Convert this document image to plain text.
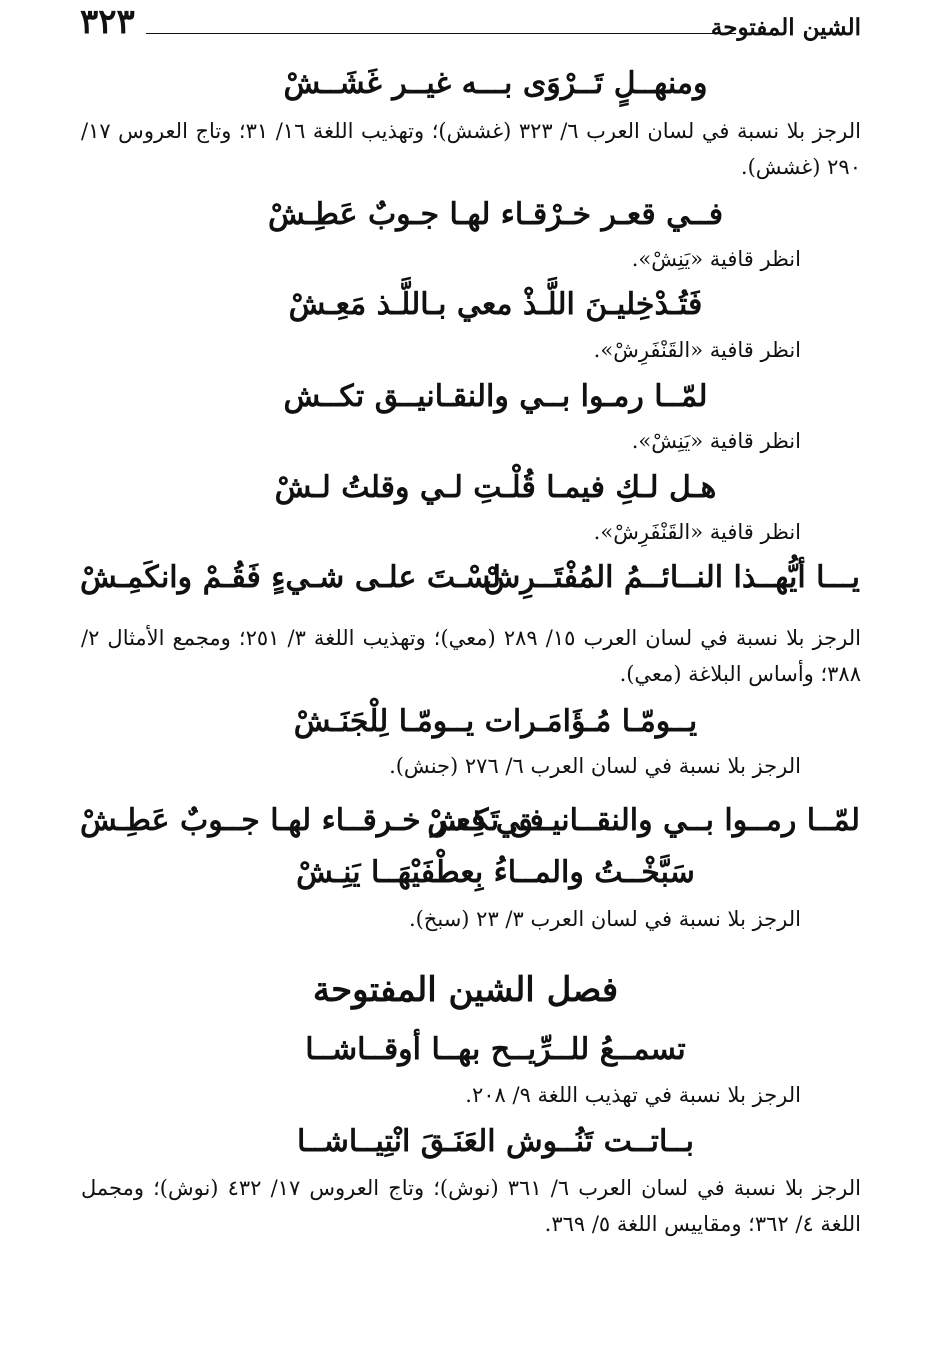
٣٢٣	الشين المفتوحة
ومنهــلٍ تَــرْوَى بـــه غيــر غَشَــشْ
الرجز بلا نسبة في لسان العرب ٦/ ٣٢٣ (غشش)؛ وتهذيب اللغة ١٦/ ٣١؛ وتاج العروس ١٧/ ٢٩٠ (غشش).
فــي قعـر خـرْقـاء لهـا جـوبٌ عَطِـشْ
انظر قافية «يَنِشْ».
فَتُـدْخِليـنَ اللَّـذْ معي بـاللَّـذ مَعِـشْ
انظر قافية «القَنْفَرِشْ».
لمّــا رمـوا بــي والنقـانيــق تكــش
انظر قافية «يَنِشْ».
هـل لـكِ فيمـا قُلْـتِ لـي وقلتُ لـشْ
انظر قافية «القَنْفَرِشْ».
يـــا أيُّهــذا النــائــمُ المُفْتَــرِشْ
لسْـتَ علـى شـيءٍ فَقُـمْ وانكَمِـشْ
الرجز بلا نسبة في لسان العرب ١٥/ ٢٨٩ (معي)؛ وتهذيب اللغة ٣/ ٢٥١؛ ومجمع الأمثال ٢/ ٣٨٨؛ وأساس البلاغة (معي).
يــومّـا مُـؤَامَـرات يــومّـا لِلْجَنَـشْ
الرجز بلا نسبة في لسان العرب ٦/ ٢٧٦ (جنش).
لمّــا رمــوا بــي والنقــانيــق تَكِـشْ
فـي قعـر خـرقــاء لهـا جــوبٌ عَطِـشْ
سَبَّخْــتُ والمــاءُ بِعطْفَيْهَــا يَنِـشْ
الرجز بلا نسبة في لسان العرب ٣/ ٢٣ (سبخ).
فصل الشين المفتوحة
تسمــعُ للــرِّيــح بهــا أوقــاشــا
الرجز بلا نسبة في تهذيب اللغة ٩/ ٢٠٨.
بــاتــت تَنُــوش العَنَـقَ انْتِيــاشــا
الرجز بلا نسبة في لسان العرب ٦/ ٣٦١ (نوش)؛ وتاج العروس ١٧/ ٤٣٢ (نوش)؛ ومجمل اللغة ٤/ ٣٦٢؛ ومقاييس اللغة ٥/ ٣٦٩.
